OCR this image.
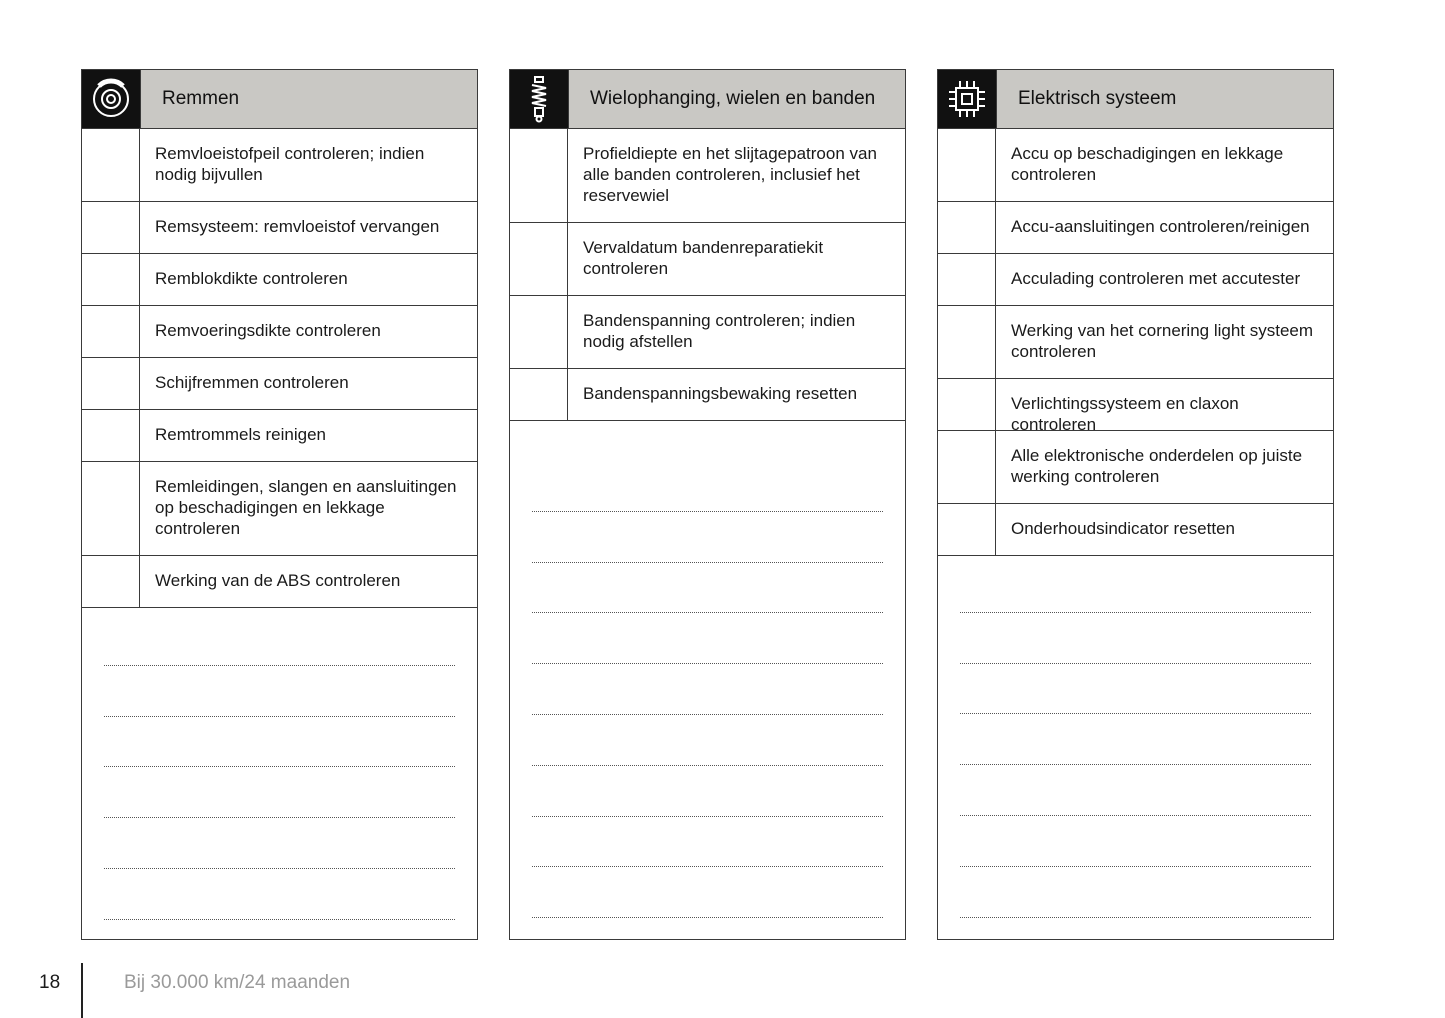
Remmen
Remvloeistofpeil controleren; indien nodig bijvullen
Remsysteem: remvloeistof vervangen
Remblokdikte controleren
Remvoeringsdikte controleren
Schijfremmen controleren
Remtrommels reinigen
Remleidingen, slangen en aansluitingen op beschadigingen en lekkage controleren
Werking van de ABS controleren
Wielophanging, wielen en banden
Profieldiepte en het slijtagepatroon van alle banden controleren, inclusief het reservewiel
Vervaldatum bandenreparatiekit controleren
Bandenspanning controleren; indien nodig afstellen
Bandenspanningsbewaking resetten
Elektrisch systeem
Accu op beschadigingen en lekkage controleren
Accu-aansluitingen controleren/reinigen
Acculading controleren met accutester
Werking van het cornering light systeem controleren
Verlichtingssysteem en claxon controleren
Alle elektronische onderdelen op juiste werking controleren
Onderhoudsindicator resetten
18	Bij 30.000 km/24 maanden
